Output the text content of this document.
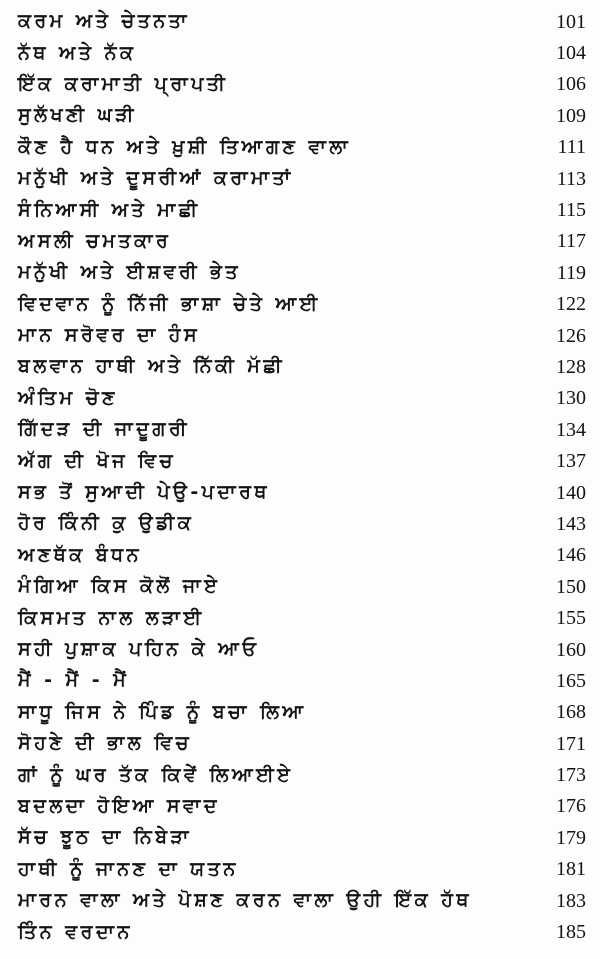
ਕਰਮ ਅਤੇ ਚੇਤਨਤਾ	101
ਨੱਥ ਅਤੇ ਨੱਕ	104
ਇੱਕ ਕਰਾਮਾਤੀ ਪ੍ਰਾਪਤੀ	106
ਸੁਲੱਖਣੀ ਘੜੀ	109
ਕੌਣ ਹੈ ਧਨ ਅਤੇ ਖ਼ੁਸ਼ੀ ਤਿਆਗਣ ਵਾਲਾ	111
ਮਨੁੱਖੀ ਅਤੇ ਦੂਸਰੀਆਂ ਕਰਾਮਾਤਾਂ	113
ਸੰਨਿਆਸੀ ਅਤੇ ਮਾਛੀ	115
ਅਸਲੀ ਚਮਤਕਾਰ	117
ਮਨੁੱਖੀ ਅਤੇ ਈਸ਼ਵਰੀ ਭੇਤ	119
ਵਿਦਵਾਨ ਨੂੰ ਨਿੱਜੀ ਭਾਸ਼ਾ ਚੇਤੇ ਆਈ	122
ਮਾਨ ਸਰੋਵਰ ਦਾ ਹੰਸ	126
ਬਲਵਾਨ ਹਾਥੀ ਅਤੇ ਨਿੱਕੀ ਮੱਛੀ	128
ਅੰਤਿਮ ਚੋਣ	130
ਗਿੱਦੜ ਦੀ ਜਾਦੂਗਰੀ	134
ਅੱਗ ਦੀ ਖੋਜ ਵਿਚ	137
ਸਭ ਤੋਂ ਸੁਆਦੀ ਪੇਉ-ਪਦਾਰਥ	140
ਹੋਰ ਕਿੰਨੀ ਕੁ ਉਡੀਕ	143
ਅਣਥੱਕ ਬੰਧਨ	146
ਮੰਗਿਆ ਕਿਸ ਕੋਲੋਂ ਜਾਏ	150
ਕਿਸਮਤ ਨਾਲ ਲੜਾਈ	155
ਸਹੀ ਪੁਸ਼ਾਕ ਪਹਿਨ ਕੇ ਆਓ	160
ਮੈਂ - ਮੈਂ - ਮੈਂ	165
ਸਾਧੂ ਜਿਸ ਨੇ ਪਿੰਡ ਨੂੰ ਬਚਾ ਲਿਆ	168
ਸੋਹਣੇ ਦੀ ਭਾਲ ਵਿਚ	171
ਗਾਂ ਨੂੰ ਘਰ ਤੱਕ ਕਿਵੇਂ ਲਿਆਈਏ	173
ਬਦਲਦਾ ਹੋਇਆ ਸਵਾਦ	176
ਸੱਚ ਝੂਠ ਦਾ ਨਿਬੇੜਾ	179
ਹਾਥੀ ਨੂੰ ਜਾਨਣ ਦਾ ਯਤਨ	181
ਮਾਰਨ ਵਾਲਾ ਅਤੇ ਪੋਸ਼ਣ ਕਰਨ ਵਾਲਾ ਉਹੀ ਇੱਕ ਹੱਥ	183
ਤਿੰਨ ਵਰਦਾਨ	185
